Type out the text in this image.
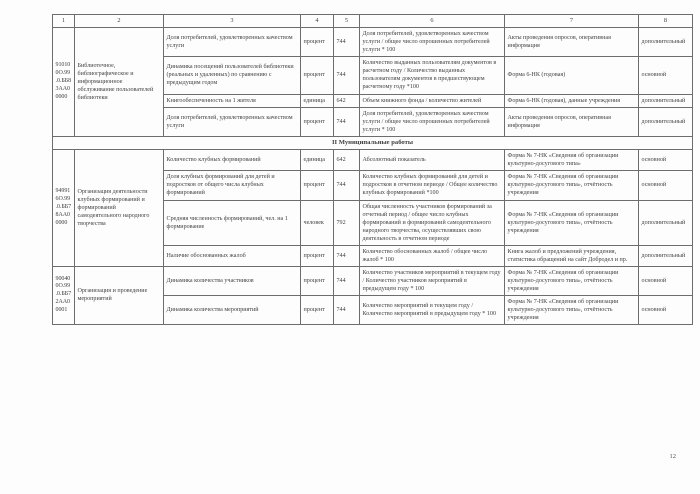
1	2	3	4	5	6	7	8
910100О.99.0.ББ83АА00000	Библиотечное, библиографическое и информационное обслуживание пользователей библиотеки	Доля потребителей, удовлетворенных качеством услуги	процент	744	Доля потребителей, удовлетворенных качеством услуги / общее число опрошенных потребителей услуги * 100	Акты проведения опросов, оперативная информация	дополнительный
		Динамика посещений пользователей библиотеки (реальных и удаленных) по сравнению с предыдущим годом	процент	744	Количество выданных пользователям документов в расчетном году / Количество выданных пользователям документов в предшествующем расчетному году *100	Форма 6-НК (годовая)	основной
		Книгообеспеченность на 1 жителя	единица	642	Объем книжного фонда / количество жителей	Форма 6-НК (годовая), данные учреждения	дополнительный
		Доля потребителей, удовлетворенных качеством услуги	процент	744	Доля потребителей, удовлетворенных качеством услуги / общее число опрошенных потребителей услуги * 100	Акты проведения опросов, оперативная информация	дополнительный
II Муниципальные работы							
949916О.99.0.ББ78АА00000	Организация деятельности клубных формирований и формирований самодеятельного народного творчества	Количество клубных формирований	единица	642	Абсолютный показатель	Форма № 7-НК «Сведения об организации культурно-досугового типа»	основной
		Доля клубных формирований для детей и подростков от общего числа клубных формирований	процент	744	Количество клубных формирований для детей и подростков в отчетном периоде / Общее количество клубных формирований *100	Форма № 7-НК «Сведения об организации культурно-досугового типа», отчётность учреждения	основной
		Средняя численность формирований, чел. на 1 формирование	человек	792	Общая численность участников формирований за отчетный период / общее число клубных формирований и формирований самодеятельного народного творчества, осуществлявших свою деятельность в отчетном периоде	Форма № 7-НК «Сведения об организации культурно-досугового типа», отчётность учреждения	дополнительный
		Наличие обоснованных жалоб	процент	744	Количество обоснованных жалоб / общее число жалоб * 100	Книга жалоб и предложений учреждения, статистика обращений на сайт Добродел и пр.	дополнительный
900400О.99.0.ББ72АА00001	Организация и проведение мероприятий	Динамика количества участников	процент	744	Количество участников мероприятий в текущем году / Количество участников мероприятий в предыдущем году * 100	Форма № 7-НК «Сведения об организации культурно-досугового типа», отчётность учреждения	основной
		Динамика количества мероприятий	процент	744	Количество мероприятий в текущем году / Количество мероприятий в предыдущем году * 100	Форма № 7-НК «Сведения об организации культурно-досугового типа», отчётность учреждения	основной
12
